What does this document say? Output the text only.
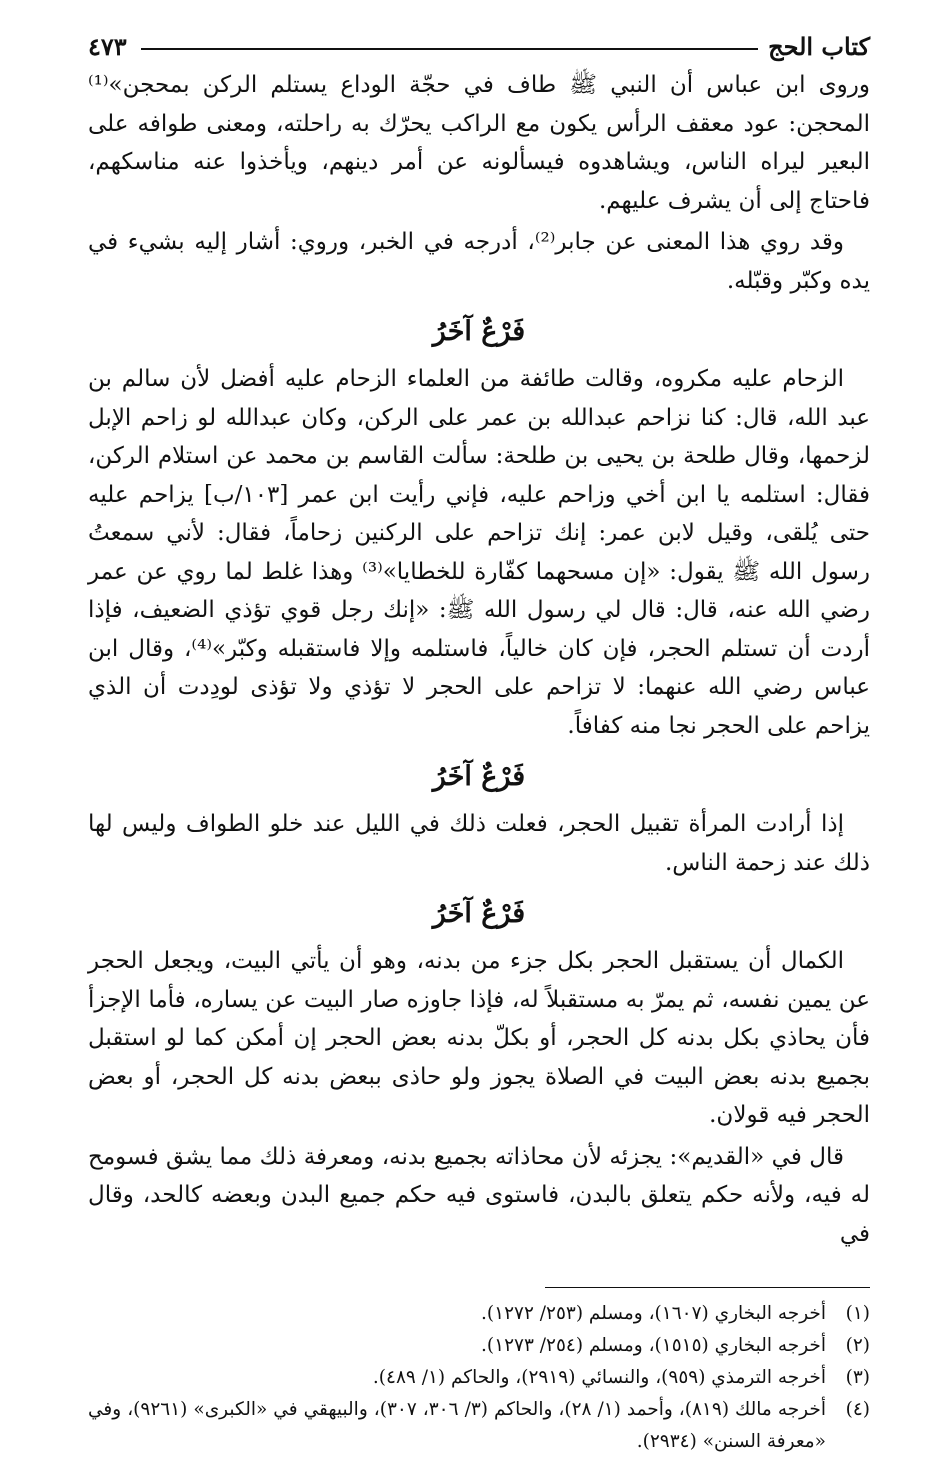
كتاب الحج
٤٧٣

وروى ابن عباس أن النبي ﷺ طاف في حجّة الوداع يستلم الركن بمحجن»⁽¹⁾ المحجن: عود معقف الرأس يكون مع الراكب يحرّك به راحلته، ومعنى طوافه على البعير ليراه الناس، ويشاهدوه فيسألونه عن أمر دينهم، ويأخذوا عنه مناسكهم، فاحتاج إلى أن يشرف عليهم.

وقد روي هذا المعنى عن جابر⁽²⁾، أدرجه في الخبر، وروي: أشار إليه بشيء في يده وكبّر وقبّله.

فَرْعٌ آخَرُ

الزحام عليه مكروه، وقالت طائفة من العلماء الزحام عليه أفضل لأن سالم بن عبد الله، قال: كنا نزاحم عبدالله بن عمر على الركن، وكان عبدالله لو زاحم الإبل لزحمها، وقال طلحة بن يحيى بن طلحة: سألت القاسم بن محمد عن استلام الركن، فقال: استلمه يا ابن أخي وزاحم عليه، فإني رأيت ابن عمر [١٠٣/ب] يزاحم عليه حتى يُلقى، وقيل لابن عمر: إنك تزاحم على الركنين زحاماً، فقال: لأني سمعتُ رسول الله ﷺ يقول: «إن مسحهما كفّارة للخطايا»⁽³⁾ وهذا غلط لما روي عن عمر رضي الله عنه، قال: قال لي رسول الله ﷺ: «إنك رجل قوي تؤذي الضعيف، فإذا أردت أن تستلم الحجر، فإن كان خالياً، فاستلمه وإلا فاستقبله وكبّر»⁽⁴⁾، وقال ابن عباس رضي الله عنهما: لا تزاحم على الحجر لا تؤذي ولا تؤذى لودِدت أن الذي يزاحم على الحجر نجا منه كفافاً.

فَرْعٌ آخَرُ

إذا أرادت المرأة تقبيل الحجر، فعلت ذلك في الليل عند خلو الطواف وليس لها ذلك عند زحمة الناس.

فَرْعٌ آخَرُ

الكمال أن يستقبل الحجر بكل جزء من بدنه، وهو أن يأتي البيت، ويجعل الحجر عن يمين نفسه، ثم يمرّ به مستقبلاً له، فإذا جاوزه صار البيت عن يساره، فأما الإجزأ فأن يحاذي بكل بدنه كل الحجر، أو بكلّ بدنه بعض الحجر إن أمكن كما لو استقبل بجميع بدنه بعض البيت في الصلاة يجوز ولو حاذى ببعض بدنه كل الحجر، أو بعض الحجر فيه قولان.

قال في «القديم»: يجزئه لأن محاذاته بجميع بدنه، ومعرفة ذلك مما يشق فسومح له فيه، ولأنه حكم يتعلق بالبدن، فاستوى فيه حكم جميع البدن وبعضه كالحد، وقال في

(١)
أخرجه البخاري (١٦٠٧)، ومسلم (٢٥٣/ ١٢٧٢).
(٢)
أخرجه البخاري (١٥١٥)، ومسلم (٢٥٤/ ١٢٧٣).
(٣)
أخرجه الترمذي (٩٥٩)، والنسائي (٢٩١٩)، والحاكم (١/ ٤٨٩).
(٤)
أخرجه مالك (٨١٩)، وأحمد (١/ ٢٨)، والحاكم (٣/ ٣٠٦، ٣٠٧)، والبيهقي في «الكبرى» (٩٢٦١)، وفي «معرفة السنن» (٢٩٣٤).
